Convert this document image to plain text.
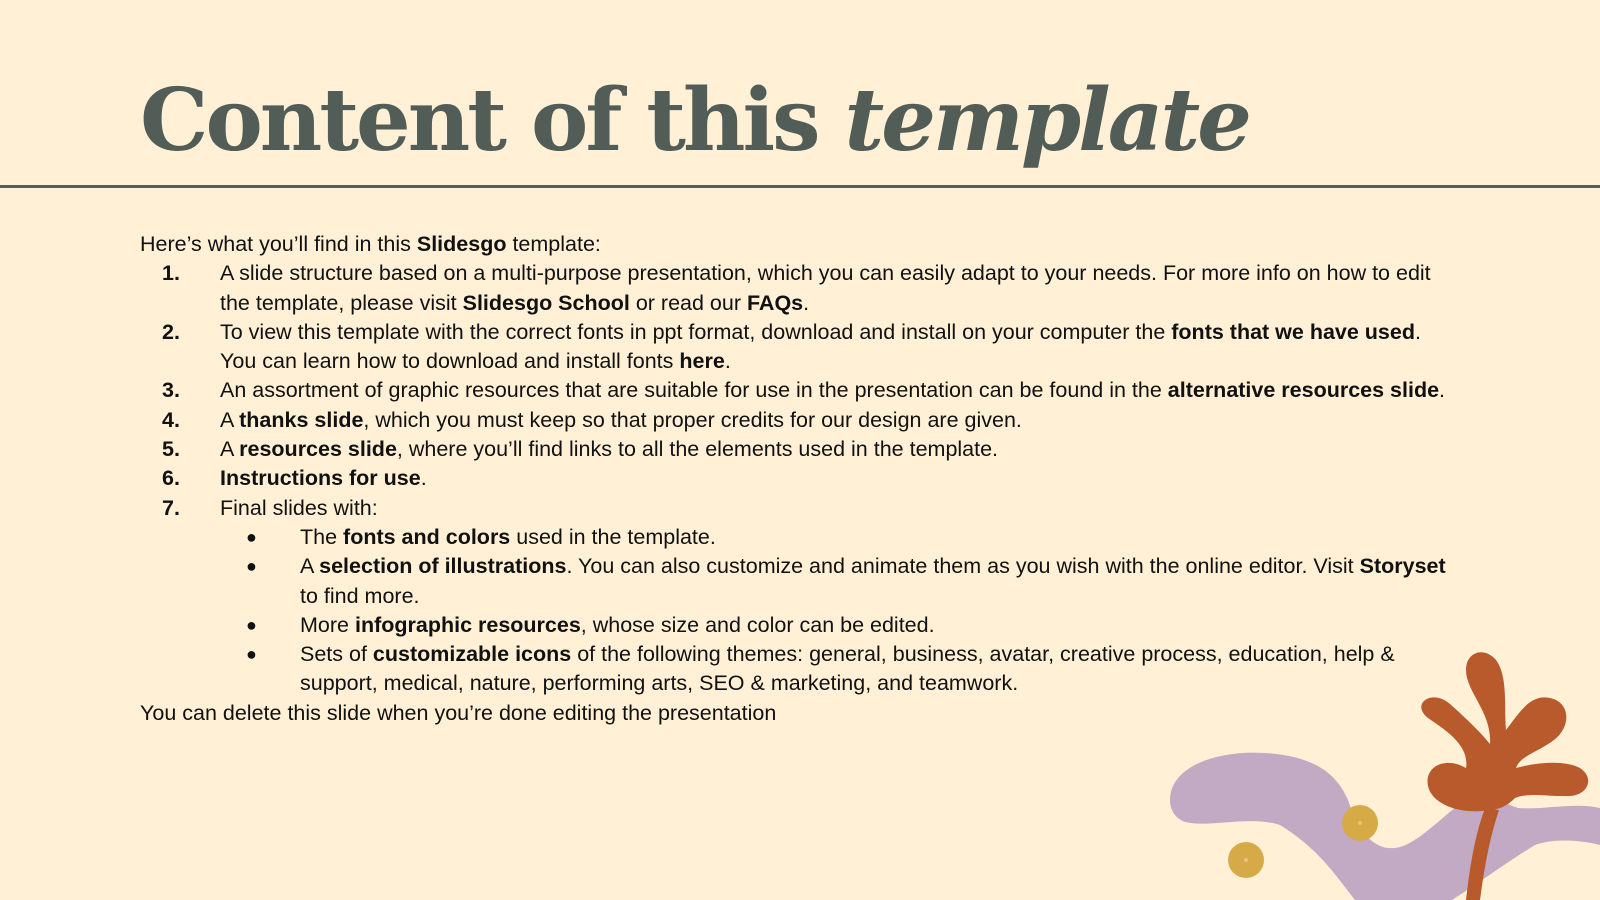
Content of this template

Here’s what you’ll find in this Slidesgo template:

1. A slide structure based on a multi-purpose presentation, which you can easily adapt to your needs. For more info on how to edit the template, please visit Slidesgo School or read our FAQs.
2. To view this template with the correct fonts in ppt format, download and install on your computer the fonts that we have used. You can learn how to download and install fonts here.
3. An assortment of graphic resources that are suitable for use in the presentation can be found in the alternative resources slide.
4. A thanks slide, which you must keep so that proper credits for our design are given.
5. A resources slide, where you’ll find links to all the elements used in the template.
6. Instructions for use.
7. Final slides with:
● The fonts and colors used in the template.
● A selection of illustrations. You can also customize and animate them as you wish with the online editor. Visit Storyset to find more.
● More infographic resources, whose size and color can be edited.
● Sets of customizable icons of the following themes: general, business, avatar, creative process, education, help & support, medical, nature, performing arts, SEO & marketing, and teamwork.

You can delete this slide when you’re done editing the presentation
